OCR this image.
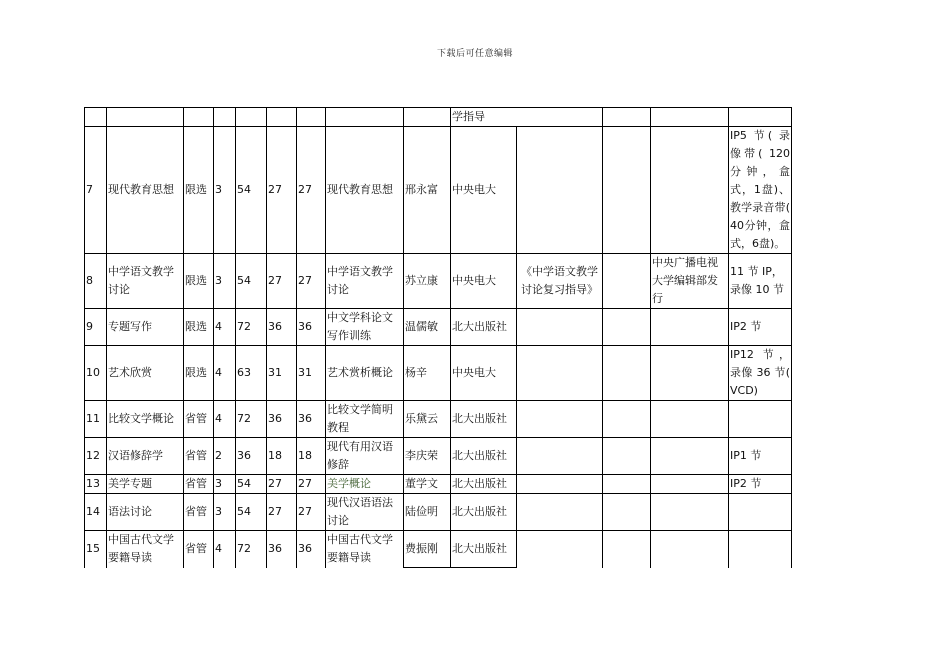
下载后可任意编辑
									学指导				
7	现代教育思想	限选	3	54	27	27	现代教育思想	邢永富	中央电大				IP5 节( 录像带( 120 分钟，盒式，1盘)、 教学录音带( 40分钟，盒式，6盘)。
8	中学语文教学讨论	限选	3	54	27	27	中学语文教学讨论	苏立康	中央电大	《中学语文教学讨论复习指导》		中央广播电视大学编辑部发行	11 节 IP，录像 10 节
9	专题写作	限选	4	72	36	36	中文学科论文写作训练	温儒敏	北大出版社				IP2 节
10	艺术欣赏	限选	4	63	31	31	艺术赏析概论	杨辛	中央电大				IP12 节，录像 36 节( VCD)
11	比较文学概论	省管	4	72	36	36	比较文学简明教程	乐黛云	北大出版社				
12	汉语修辞学	省管	2	36	18	18	现代有用汉语修辞	李庆荣	北大出版社				IP1 节
13	美学专题	省管	3	54	27	27	美学概论	董学文	北大出版社				IP2 节
14	语法讨论	省管	3	54	27	27	现代汉语语法讨论	陆俭明	北大出版社				
15	中国古代文学要籍导读	省管	4	72	36	36	中国古代文学要籍导读	费振刚	北大出版社				
